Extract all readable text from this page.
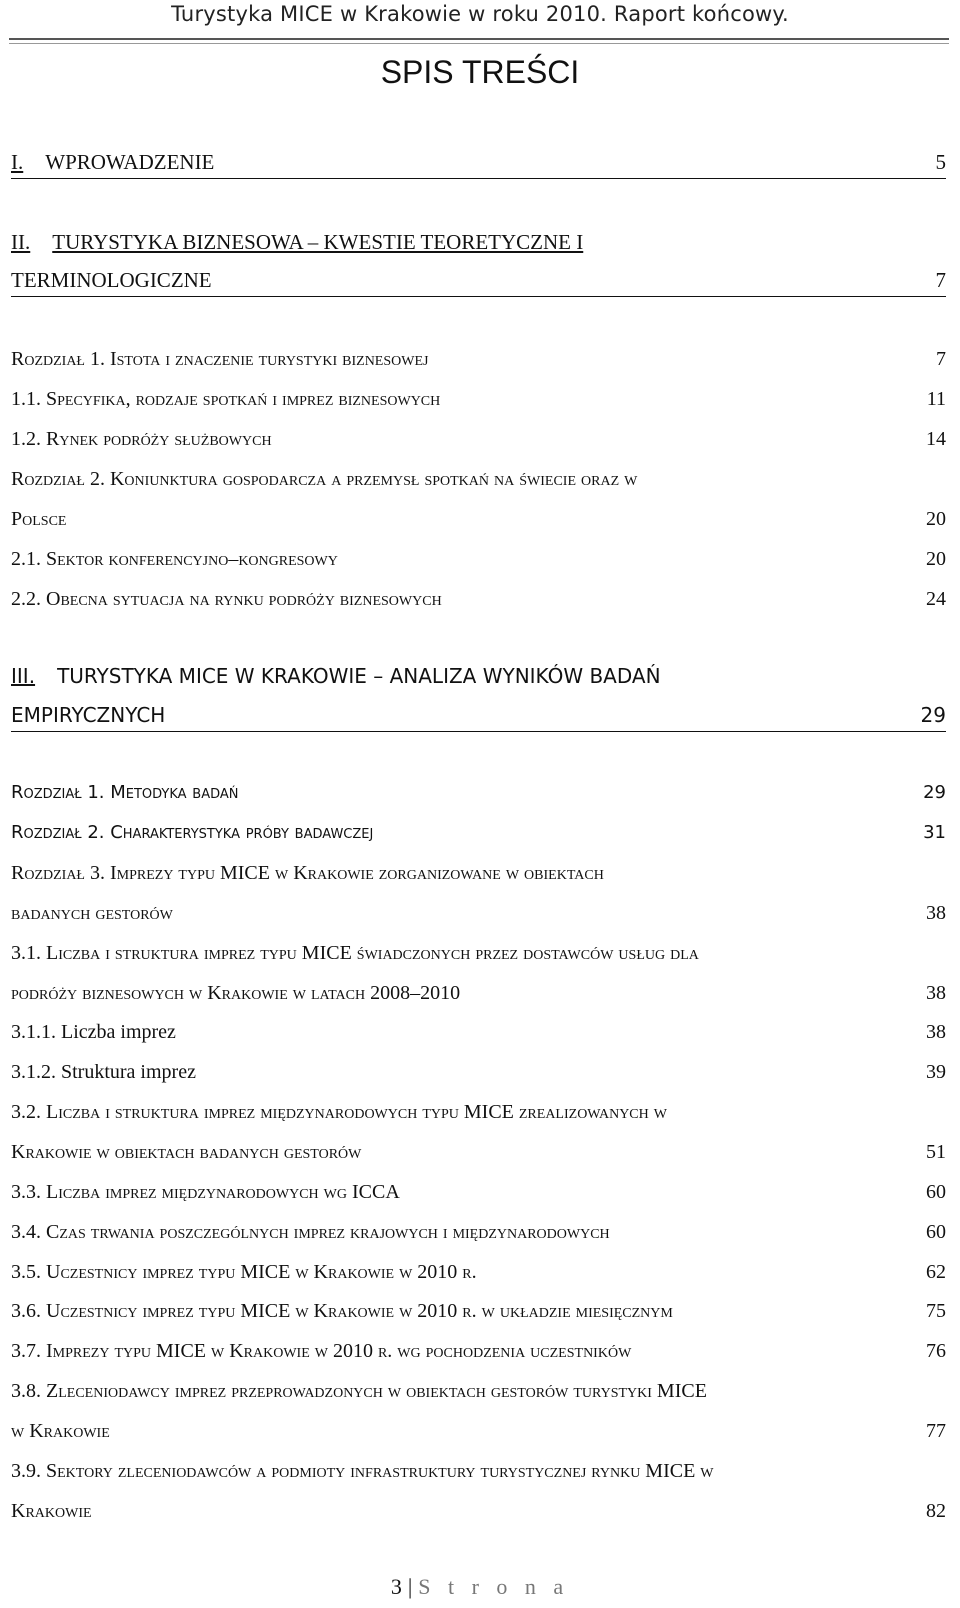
Turystyka MICE w Krakowie w roku 2010. Raport końcowy.
SPIS TREŚCI
I. WPROWADZENIE	5
II. TURYSTYKA BIZNESOWA – KWESTIE TEORETYCZNE I
TERMINOLOGICZNE	7
Rozdział 1. Istota i znaczenie turystyki biznesowej	7
1.1. Specyfika, rodzaje spotkań i imprez biznesowych	11
1.2. Rynek podróży służbowych	14
Rozdział 2. Koniunktura gospodarcza a przemysł spotkań na świecie oraz w
Polsce	20
2.1. Sektor konferencyjno–kongresowy	20
2.2. Obecna sytuacja na rynku podróży biznesowych	24
III. TURYSTYKA MICE W KRAKOWIE – ANALIZA WYNIKÓW BADAŃ
EMPIRYCZNYCH	29
Rozdział 1. Metodyka badań	29
Rozdział 2. Charakterystyka próby badawczej	31
Rozdział 3. Imprezy typu MICE w Krakowie zorganizowane w obiektach
badanych gestorów	38
3.1. Liczba i struktura imprez typu MICE świadczonych przez dostawców usług dla
podróży biznesowych w Krakowie w latach 2008–2010	38
3.1.1. Liczba imprez	38
3.1.2. Struktura imprez	39
3.2. Liczba i struktura imprez międzynarodowych typu MICE zrealizowanych w
Krakowie w obiektach badanych gestorów	51
3.3. Liczba imprez międzynarodowych wg ICCA	60
3.4. Czas trwania poszczególnych imprez krajowych i międzynarodowych	60
3.5. Uczestnicy imprez typu MICE w Krakowie w 2010 r.	62
3.6. Uczestnicy imprez typu MICE w Krakowie w 2010 r. w układzie miesięcznym	75
3.7. Imprezy typu MICE w Krakowie w 2010 r. wg pochodzenia uczestników	76
3.8. Zleceniodawcy imprez przeprowadzonych w obiektach gestorów turystyki MICE
w Krakowie	77
3.9. Sektory zleceniodawców a podmioty infrastruktury turystycznej rynku MICE w
Krakowie	82
3 | S t r o n a
